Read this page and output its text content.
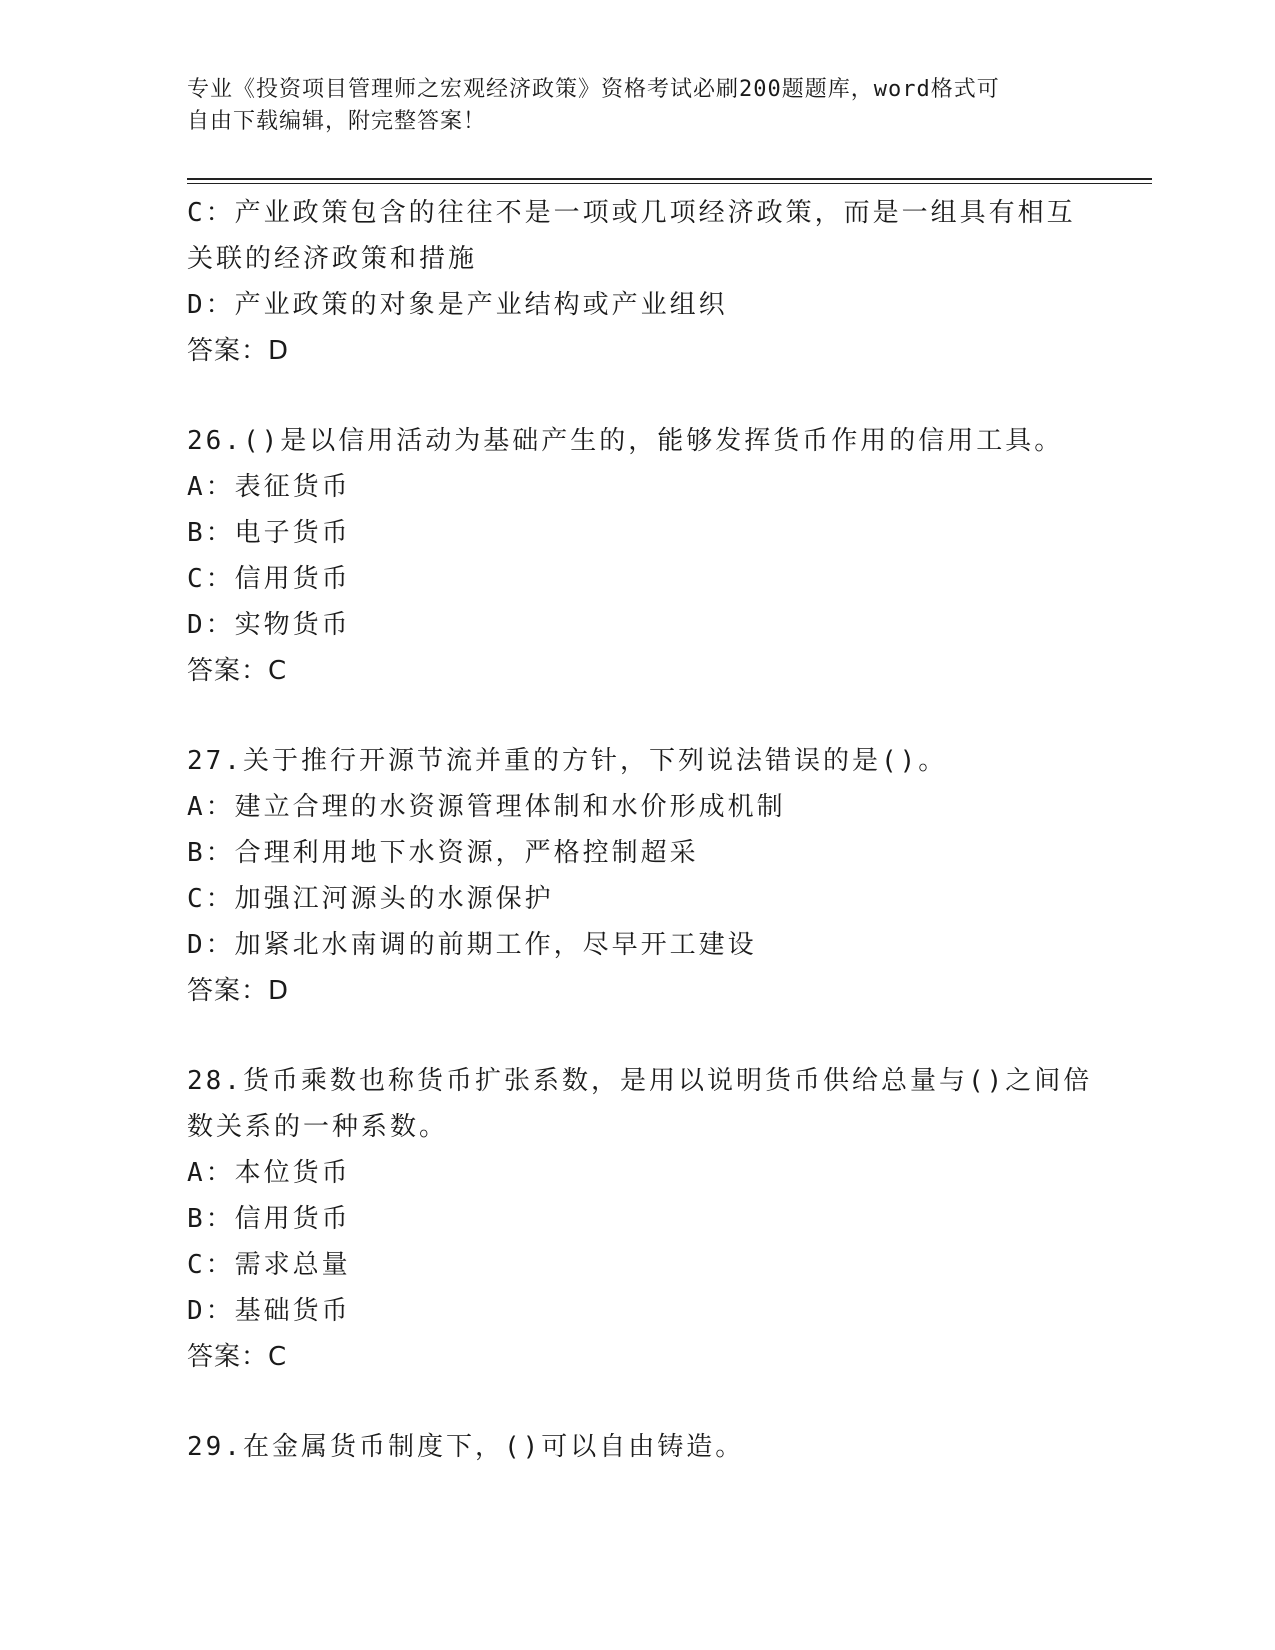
专业《投资项目管理师之宏观经济政策》资格考试必刷200题题库，word格式可
自由下载编辑，附完整答案！
C：产业政策包含的往往不是一项或几项经济政策，而是一组具有相互
关联的经济政策和措施
D：产业政策的对象是产业结构或产业组织
答案：D
26.()是以信用活动为基础产生的，能够发挥货币作用的信用工具。
A：表征货币
B：电子货币
C：信用货币
D：实物货币
答案：C
27.关于推行开源节流并重的方针，下列说法错误的是()。
A：建立合理的水资源管理体制和水价形成机制
B：合理利用地下水资源，严格控制超采
C：加强江河源头的水源保护
D：加紧北水南调的前期工作，尽早开工建设
答案：D
28.货币乘数也称货币扩张系数，是用以说明货币供给总量与()之间倍
数关系的一种系数。
A：本位货币
B：信用货币
C：需求总量
D：基础货币
答案：C
29.在金属货币制度下，()可以自由铸造。
